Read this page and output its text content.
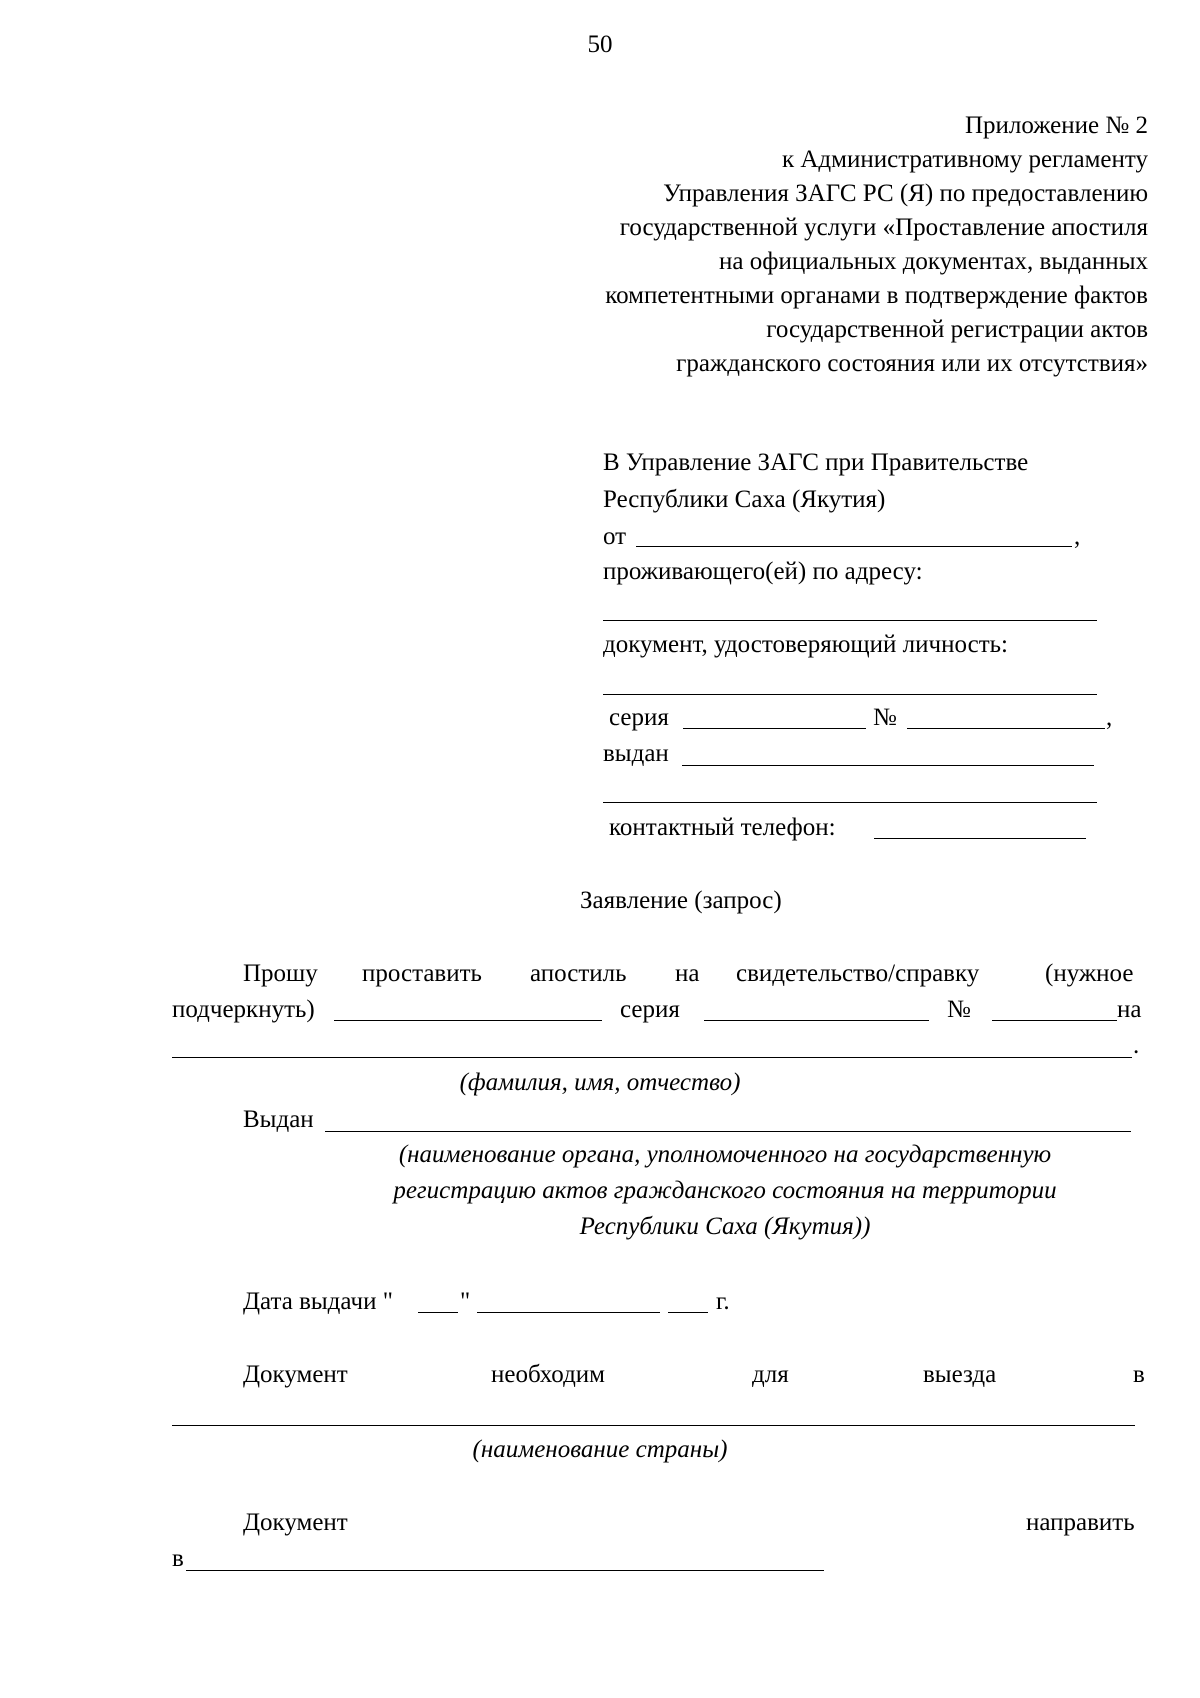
50
Приложение № 2
к Административному регламенту
Управления ЗАГС РС (Я) по предоставлению
государственной услуги «Проставление апостиля
на официальных документах, выданных
компетентными органами в подтверждение фактов
государственной регистрации актов
гражданского состояния или их отсутствия»
В Управление ЗАГС при Правительстве
Республики Саха (Якутия)
от	,
проживающего(ей) по адресу:
документ, удостоверяющий личность:
серия	№	,
выдан
контактный телефон:
Заявление (запрос)
Прошу проставить апостиль на свидетельство/справку	(нужное
подчеркнуть)	серия	№	на
.
(фамилия, имя, отчество)
Выдан
(наименование органа, уполномоченного на государственную
регистрацию актов гражданского состояния на территории
Республики Саха (Якутия))
Дата выдачи "	"	г.
Документ	необходим	для	выезда	в
(наименование страны)
Документ	направить
в
